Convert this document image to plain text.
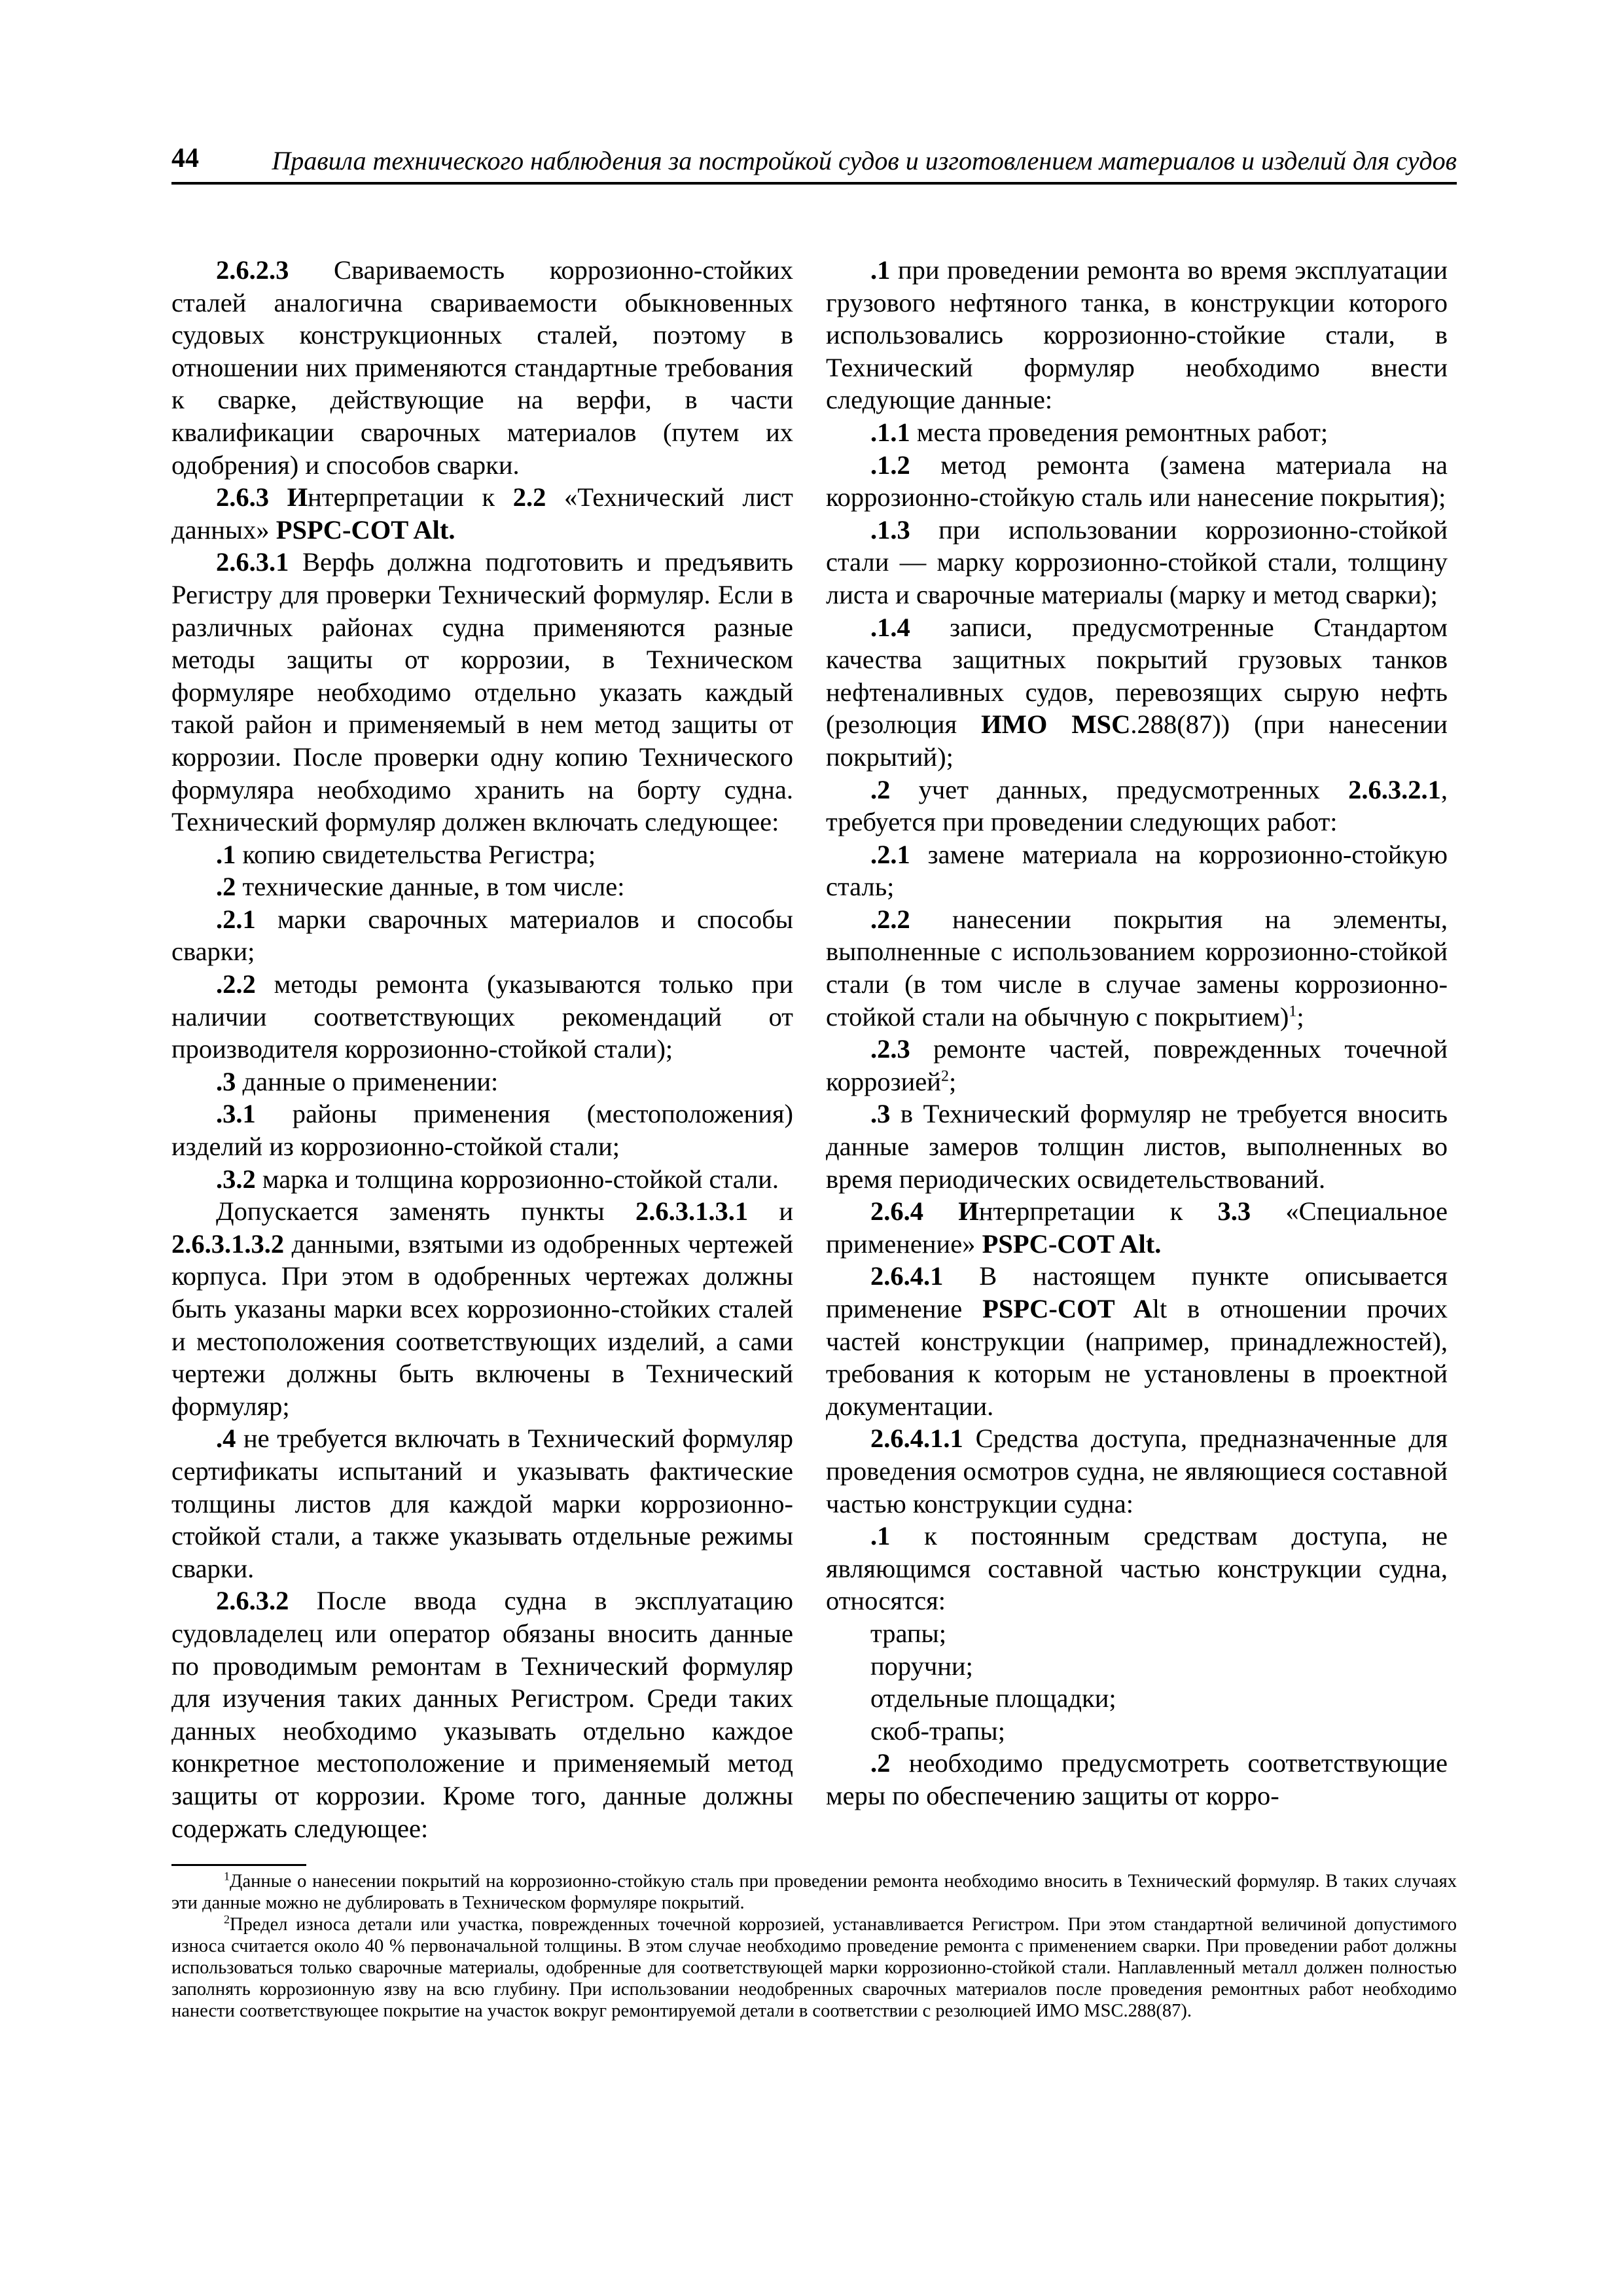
44	Правила технического наблюдения за постройкой судов и изготовлением материалов и изделий для судов

2.6.2.3 Свариваемость коррозионно-стойких сталей аналогична свариваемости обыкновенных судовых конструкционных сталей, поэтому в отношении них применяются стандартные требования к сварке, действующие на верфи, в части квалификации сварочных материалов (путем их одобрения) и способов сварки.

2.6.3 Интерпретации к 2.2 «Технический лист данных» PSPC-COT Alt.

2.6.3.1 Верфь должна подготовить и предъявить Регистру для проверки Технический формуляр. Если в различных районах судна применяются разные методы защиты от коррозии, в Техническом формуляре необходимо отдельно указать каждый такой район и применяемый в нем метод защиты от коррозии. После проверки одну копию Технического формуляра необходимо хранить на борту судна. Технический формуляр должен включать следующее:

.1 копию свидетельства Регистра;

.2 технические данные, в том числе:

.2.1 марки сварочных материалов и способы сварки;

.2.2 методы ремонта (указываются только при наличии соответствующих рекомендаций от производителя коррозионно-стойкой стали);

.3 данные о применении:

.3.1 районы применения (местоположения) изделий из коррозионно-стойкой стали;

.3.2 марка и толщина коррозионно-стойкой стали.

Допускается заменять пункты 2.6.3.1.3.1 и 2.6.3.1.3.2 данными, взятыми из одобренных чертежей корпуса. При этом в одобренных чертежах должны быть указаны марки всех коррозионно-стойких сталей и местоположения соответствующих изделий, а сами чертежи должны быть включены в Технический формуляр;

.4 не требуется включать в Технический формуляр сертификаты испытаний и указывать фактические толщины листов для каждой марки коррозионно-стойкой стали, а также указывать отдельные режимы сварки.

2.6.3.2 После ввода судна в эксплуатацию судовладелец или оператор обязаны вносить данные по проводимым ремонтам в Технический формуляр для изучения таких данных Регистром. Среди таких данных необходимо указывать отдельно каждое конкретное местоположение и применяемый метод защиты от коррозии. Кроме того, данные должны содержать следующее:

.1 при проведении ремонта во время эксплуатации грузового нефтяного танка, в конструкции которого использовались коррозионно-стойкие стали, в Технический формуляр необходимо внести следующие данные:

.1.1 места проведения ремонтных работ;

.1.2 метод ремонта (замена материала на коррозионно-стойкую сталь или нанесение покрытия);

.1.3 при использовании коррозионно-стойкой стали — марку коррозионно-стойкой стали, толщину листа и сварочные материалы (марку и метод сварки);

.1.4 записи, предусмотренные Стандартом качества защитных покрытий грузовых танков нефтеналивных судов, перевозящих сырую нефть (резолюция ИМО MSC.288(87)) (при нанесении покрытий);

.2 учет данных, предусмотренных 2.6.3.2.1, требуется при проведении следующих работ:

.2.1 замене материала на коррозионно-стойкую сталь;

.2.2 нанесении покрытия на элементы, выполненные с использованием коррозионно-стойкой стали (в том числе в случае замены коррозионно-стойкой стали на обычную с покрытием)$^1$;

.2.3 ремонте частей, поврежденных точечной коррозией$^2$;

.3 в Технический формуляр не требуется вносить данные замеров толщин листов, выполненных во время периодических освидетельствований.

2.6.4 Интерпретации к 3.3 «Специальное применение» PSPC-COT Alt.

2.6.4.1 В настоящем пункте описывается применение PSPC-COT Alt в отношении прочих частей конструкции (например, принадлежностей), требования к которым не установлены в проектной документации.

2.6.4.1.1 Средства доступа, предназначенные для проведения осмотров судна, не являющиеся составной частью конструкции судна:

.1 к постоянным средствам доступа, не являющимся составной частью конструкции судна, относятся:

трапы;

поручни;

отдельные площадки;

скоб-трапы;

.2 необходимо предусмотреть соответствующие меры по обеспечению защиты от корро-

$^1$Данные о нанесении покрытий на коррозионно-стойкую сталь при проведении ремонта необходимо вносить в Технический формуляр. В таких случаях эти данные можно не дублировать в Техническом формуляре покрытий.

$^2$Предел износа детали или участка, поврежденных точечной коррозией, устанавливается Регистром. При этом стандартной величиной допустимого износа считается около 40 % первоначальной толщины. В этом случае необходимо проведение ремонта с применением сварки. При проведении работ должны использоваться только сварочные материалы, одобренные для соответствующей марки коррозионно-стойкой стали. Наплавленный металл должен полностью заполнять коррозионную язву на всю глубину. При использовании неодобренных сварочных материалов после проведения ремонтных работ необходимо нанести соответствующее покрытие на участок вокруг ремонтируемой детали в соответствии с резолюцией ИМО MSC.288(87).
